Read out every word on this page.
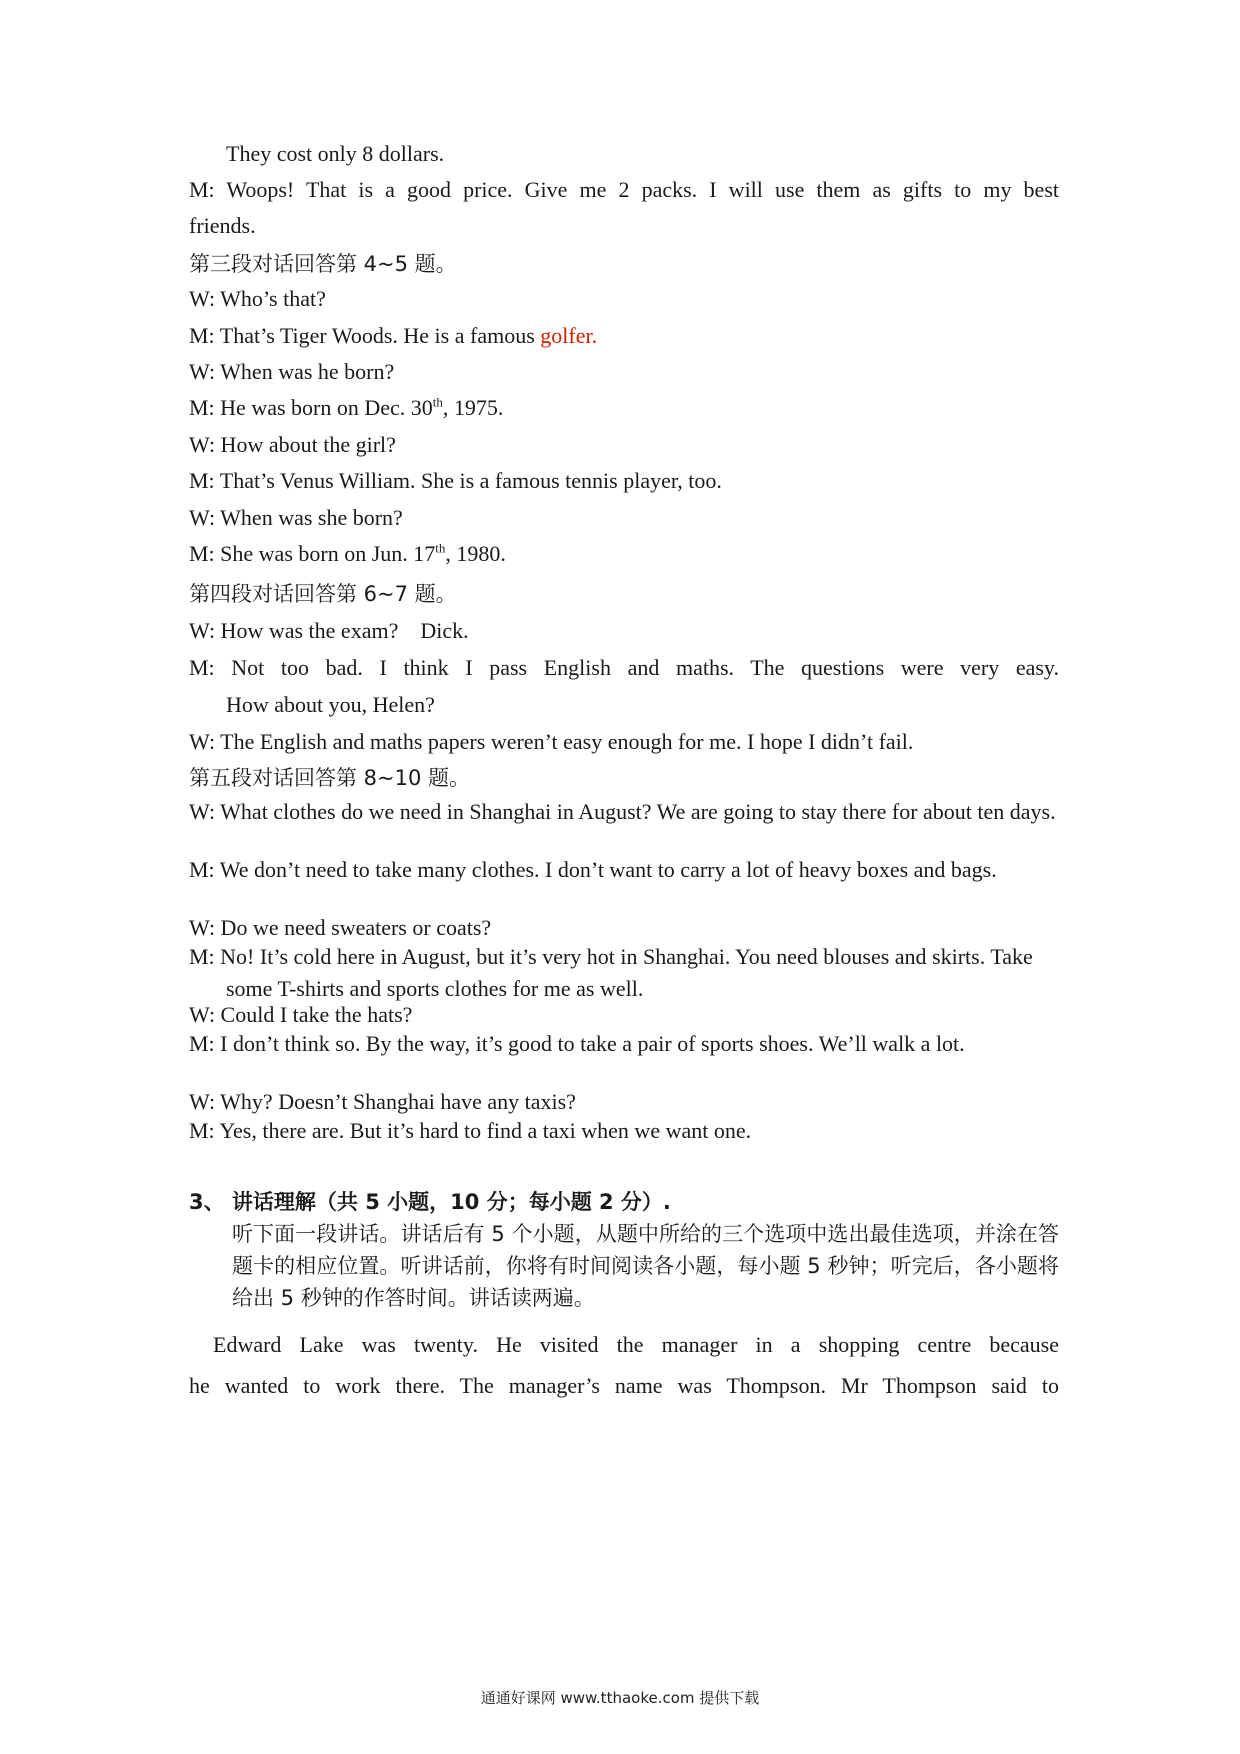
They cost only 8 dollars.
M: Woops! That is a good price. Give me 2 packs. I will use them as gifts to my best
friends.
第三段对话回答第 4~5 题。
W: Who’s that?
M: That’s Tiger Woods. He is a famous golfer.
W: When was he born?
M: He was born on Dec. 30th, 1975.
W: How about the girl?
M: That’s Venus William. She is a famous tennis player, too.
W: When was she born?
M: She was born on Jun. 17th, 1980.
第四段对话回答第 6~7 题。
W: How was the exam?    Dick.
M: Not too bad. I think I pass English and maths. The questions were very easy.
How about you, Helen?
W: The English and maths papers weren’t easy enough for me. I hope I didn’t fail.
第五段对话回答第 8~10 题。
W: What clothes do we need in Shanghai in August? We are going to stay there for about ten days.
M: We don’t need to take many clothes. I don’t want to carry a lot of heavy boxes and bags.
W: Do we need sweaters or coats?
M: No! It’s cold here in August, but it’s very hot in Shanghai. You need blouses and skirts. Take some T-shirts and sports clothes for me as well.
W: Could I take the hats?
M: I don’t think so. By the way, it’s good to take a pair of sports shoes. We’ll walk a lot.
W: Why? Doesn’t Shanghai have any taxis?
M: Yes, there are. But it’s hard to find a taxi when we want one.
3、 讲话理解（共 5 小题，10 分；每小题 2 分）.
听下面一段讲话。讲话后有 5 个小题，从题中所给的三个选项中选出最佳选项，并涂在答题卡的相应位置。听讲话前，你将有时间阅读各小题，每小题 5 秒钟；听完后，各小题将给出 5 秒钟的作答时间。讲话读两遍。
Edward Lake was twenty. He visited the manager in a shopping centre because
he wanted to work there. The manager’s name was Thompson. Mr Thompson said to
通通好课网 www.tthaoke.com 提供下载
